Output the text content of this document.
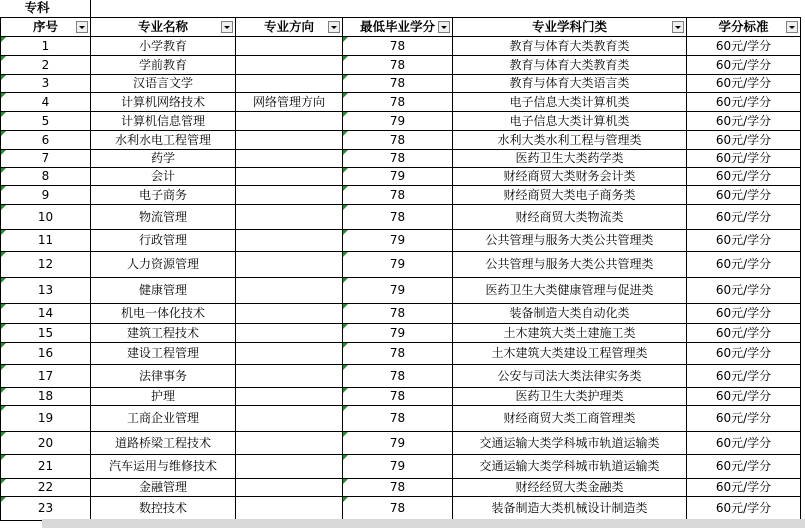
专科					
序号	专业名称	专业方向	最低毕业学分	专业学科门类	学分标准

1	小学教育		78	教育与体育大类教育类	60元/学分
2	学前教育		78	教育与体育大类教育类	60元/学分
3	汉语言文学		78	教育与体育大类语言类	60元/学分
4	计算机网络技术	网络管理方向	78	电子信息大类计算机类	60元/学分
5	计算机信息管理		79	电子信息大类计算机类	60元/学分
6	水利水电工程管理		78	水利大类水利工程与管理类	60元/学分
7	药学		78	医药卫生大类药学类	60元/学分
8	会计		79	财经商贸大类财务会计类	60元/学分
9	电子商务		78	财经商贸大类电子商务类	60元/学分
10	物流管理		78	财经商贸大类物流类	60元/学分
11	行政管理		79	公共管理与服务大类公共管理类	60元/学分
12	人力资源管理		79	公共管理与服务大类公共管理类	60元/学分
13	健康管理		79	医药卫生大类健康管理与促进类	60元/学分
14	机电一体化技术		78	装备制造大类自动化类	60元/学分
15	建筑工程技术		79	土木建筑大类土建施工类	60元/学分
16	建设工程管理		78	土木建筑大类建设工程管理类	60元/学分
17	法律事务		78	公安与司法大类法律实务类	60元/学分
18	护理		78	医药卫生大类护理类	60元/学分
19	工商企业管理		78	财经商贸大类工商管理类	60元/学分
20	道路桥梁工程技术		79	交通运输大类学科城市轨道运输类	60元/学分
21	汽车运用与维修技术		79	交通运输大类学科城市轨道运输类	60元/学分
22	金融管理		78	财经经贸大类金融类	60元/学分
23	数控技术		78	装备制造大类机械设计制造类	60元/学分
